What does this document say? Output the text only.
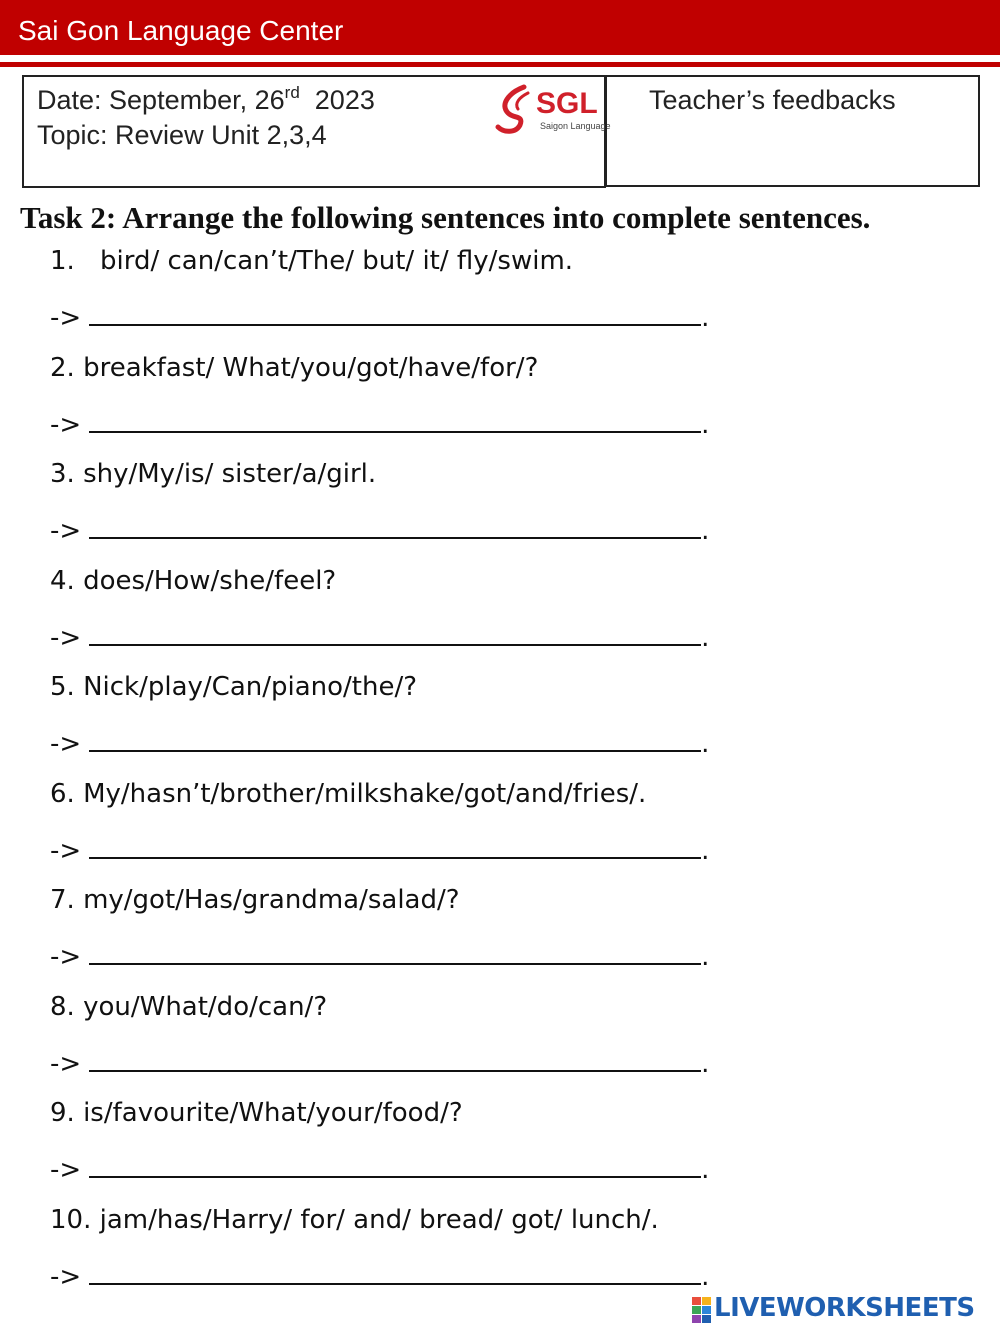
Sai Gon Language Center
Date: September, 26rd  2023
Topic: Review Unit 2,3,4
SGL
Saigon Language
Teacher’s feedbacks
Task 2: Arrange the following sentences into complete sentences.
1. bird/ can/can’t/The/ but/ it/ fly/swim.
->	.
2. breakfast/ What/you/got/have/for/?
->	.
3. shy/My/is/ sister/a/girl.
->	.
4. does/How/she/feel?
->	.
5. Nick/play/Can/piano/the/?
->	.
6. My/hasn’t/brother/milkshake/got/and/fries/.
->	.
7. my/got/Has/grandma/salad/?
->	.
8. you/What/do/can/?
->	.
9. is/favourite/What/your/food/?
->	.
10. jam/has/Harry/ for/ and/ bread/ got/ lunch/.
->	.
LIVEWORKSHEETS
